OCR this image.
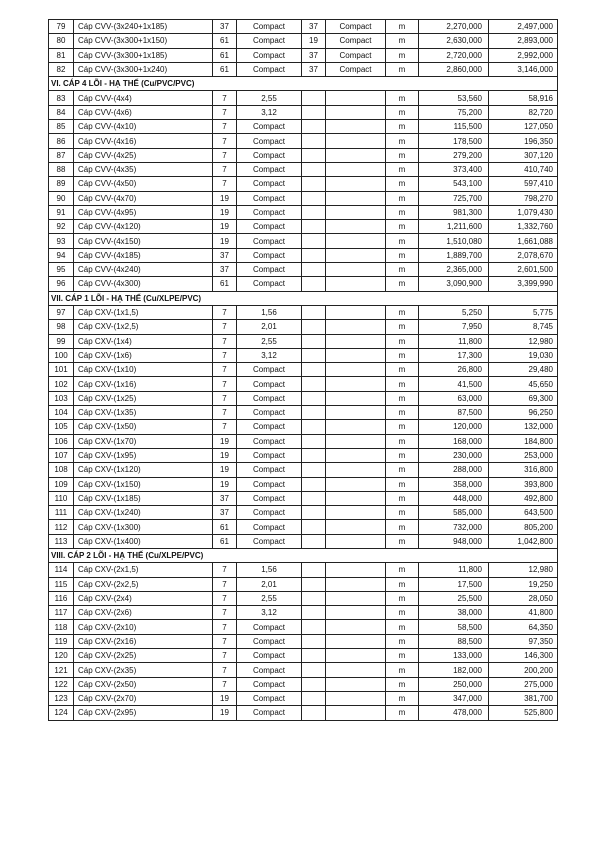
79	Cáp CVV-(3x240+1x185)	37	Compact	37	Compact	m	2,270,000	2,497,000
80	Cáp CVV-(3x300+1x150)	61	Compact	19	Compact	m	2,630,000	2,893,000
81	Cáp CVV-(3x300+1x185)	61	Compact	37	Compact	m	2,720,000	2,992,000
82	Cáp CVV-(3x300+1x240)	61	Compact	37	Compact	m	2,860,000	3,146,000
VI. CÁP 4 LÕI - HẠ THẾ (Cu/PVC/PVC)								
83	Cáp CVV-(4x4)	7	2,55			m	53,560	58,916
84	Cáp CVV-(4x6)	7	3,12			m	75,200	82,720
85	Cáp CVV-(4x10)	7	Compact			m	115,500	127,050
86	Cáp CVV-(4x16)	7	Compact			m	178,500	196,350
87	Cáp CVV-(4x25)	7	Compact			m	279,200	307,120
88	Cáp CVV-(4x35)	7	Compact			m	373,400	410,740
89	Cáp CVV-(4x50)	7	Compact			m	543,100	597,410
90	Cáp CVV-(4x70)	19	Compact			m	725,700	798,270
91	Cáp CVV-(4x95)	19	Compact			m	981,300	1,079,430
92	Cáp CVV-(4x120)	19	Compact			m	1,211,600	1,332,760
93	Cáp CVV-(4x150)	19	Compact			m	1,510,080	1,661,088
94	Cáp CVV-(4x185)	37	Compact			m	1,889,700	2,078,670
95	Cáp CVV-(4x240)	37	Compact			m	2,365,000	2,601,500
96	Cáp CVV-(4x300)	61	Compact			m	3,090,900	3,399,990
VII. CÁP 1 LÕI - HẠ THẾ (Cu/XLPE/PVC)								
97	Cáp CXV-(1x1,5)	7	1,56			m	5,250	5,775
98	Cáp CXV-(1x2,5)	7	2,01			m	7,950	8,745
99	Cáp CXV-(1x4)	7	2,55			m	11,800	12,980
100	Cáp CXV-(1x6)	7	3,12			m	17,300	19,030
101	Cáp CXV-(1x10)	7	Compact			m	26,800	29,480
102	Cáp CXV-(1x16)	7	Compact			m	41,500	45,650
103	Cáp CXV-(1x25)	7	Compact			m	63,000	69,300
104	Cáp CXV-(1x35)	7	Compact			m	87,500	96,250
105	Cáp CXV-(1x50)	7	Compact			m	120,000	132,000
106	Cáp CXV-(1x70)	19	Compact			m	168,000	184,800
107	Cáp CXV-(1x95)	19	Compact			m	230,000	253,000
108	Cáp CXV-(1x120)	19	Compact			m	288,000	316,800
109	Cáp CXV-(1x150)	19	Compact			m	358,000	393,800
110	Cáp CXV-(1x185)	37	Compact			m	448,000	492,800
111	Cáp CXV-(1x240)	37	Compact			m	585,000	643,500
112	Cáp CXV-(1x300)	61	Compact			m	732,000	805,200
113	Cáp CXV-(1x400)	61	Compact			m	948,000	1,042,800
VIII. CÁP 2 LÕI - HẠ THẾ (Cu/XLPE/PVC)								
114	Cáp CXV-(2x1,5)	7	1,56			m	11,800	12,980
115	Cáp CXV-(2x2,5)	7	2,01			m	17,500	19,250
116	Cáp CXV-(2x4)	7	2,55			m	25,500	28,050
117	Cáp CXV-(2x6)	7	3,12			m	38,000	41,800
118	Cáp CXV-(2x10)	7	Compact			m	58,500	64,350
119	Cáp CXV-(2x16)	7	Compact			m	88,500	97,350
120	Cáp CXV-(2x25)	7	Compact			m	133,000	146,300
121	Cáp CXV-(2x35)	7	Compact			m	182,000	200,200
122	Cáp CXV-(2x50)	7	Compact			m	250,000	275,000
123	Cáp CXV-(2x70)	19	Compact			m	347,000	381,700
124	Cáp CXV-(2x95)	19	Compact			m	478,000	525,800
